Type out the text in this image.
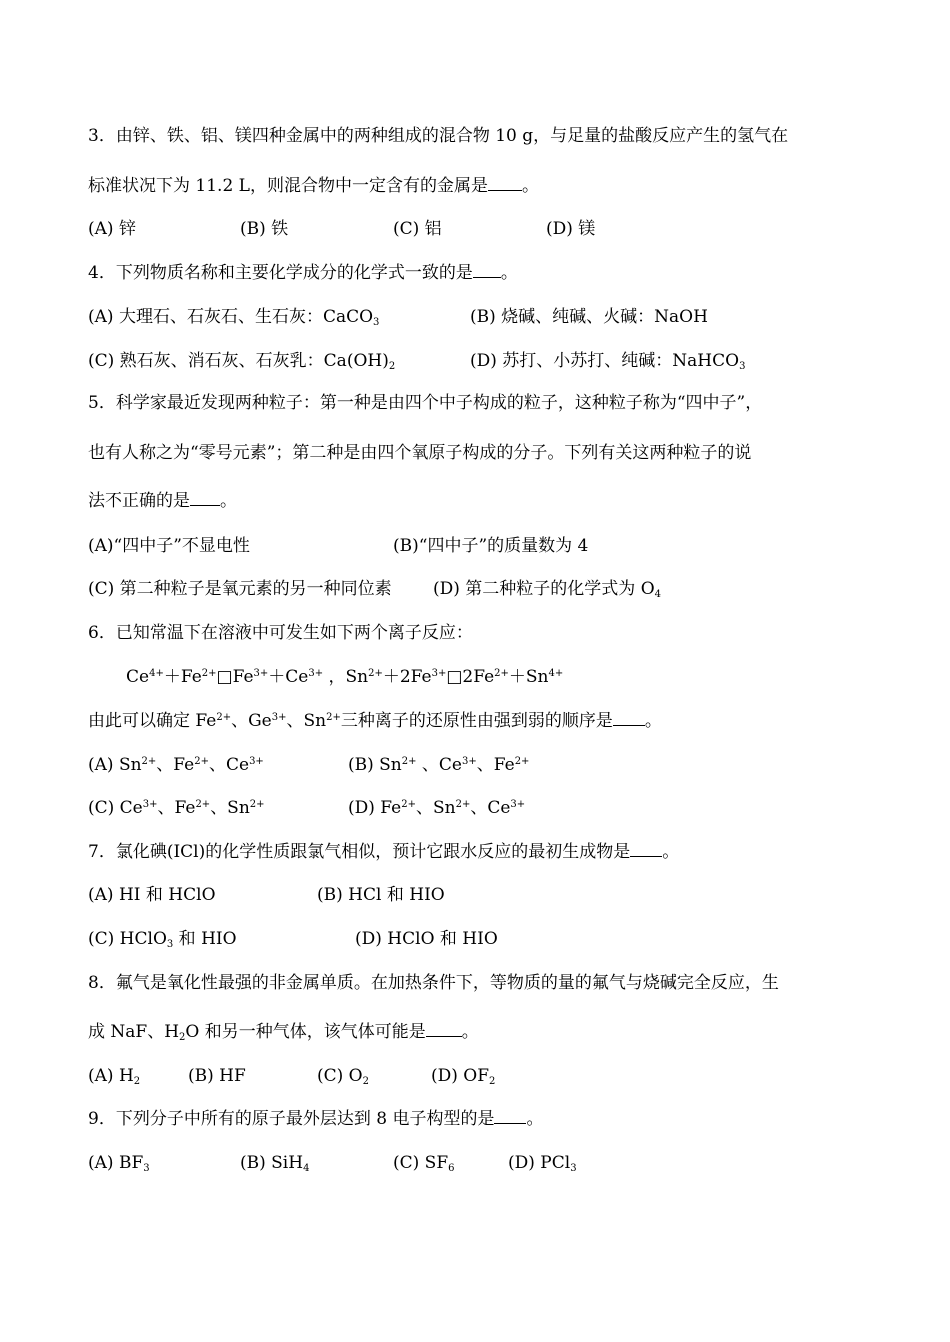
3．由锌、铁、铝、镁四种金属中的两种组成的混合物 10 g，与足量的盐酸反应产生的氢气在
标准状况下为 11.2 L，则混合物中一定含有的金属是 。
(A) 锌	(B) 铁	(C) 铝	(D) 镁
4．下列物质名称和主要化学成分的化学式一致的是 。
(A) 大理石、石灰石、生石灰：CaCO$_3$	(B) 烧碱、纯碱、火碱：NaOH
(C) 熟石灰、消石灰、石灰乳：$Ca(OH)_2$	(D) 苏打、小苏打、纯碱：NaHCO$_3$
5．科学家最近发现两种粒子：第一种是由四个中子构成的粒子，这种粒子称为“四中子”，
也有人称之为“零号元素”；第二种是由四个氧原子构成的分子。下列有关这两种粒子的说
法不正确的是 。
(A)“四中子”不显电性	(B)“四中子”的质量数为 4
(C) 第二种粒子是氧元素的另一种同位素 (D) 第二种粒子的化学式为 $O_4$
6．已知常温下在溶液中可发生如下两个离子反应：
$Ce^{4+}+Fe^{2+}□Fe^{3+}+Ce^{3+}$ ，$Sn^{2+}+2Fe^{3+}□2Fe^{2+}+Sn^{4+}$
由此可以确定 $Fe^{2+}$、$Ge^{3+}$、$Sn^{2+}$三种离子的还原性由强到弱的顺序是 。
(A) $Sn^{2+}$、$Fe^{2+}$、$Ce^{3+}$	(B) $Sn^{2+}$ 、$Ce^{3+}$、$Fe^{2+}$
(C) $Ce^{3+}$、$Fe^{2+}$、$Sn^{2+}$	(D) $Fe^{2+}$、$Sn^{2+}$、$Ce^{3+}$
7．氯化碘(ICl)的化学性质跟氯气相似，预计它跟水反应的最初生成物是 。
(A) HI 和 HClO	(B) HCl 和 HIO
(C) HClO$_3$ 和 HIO	(D) HClO 和 HIO
8．氟气是氧化性最强的非金属单质。在加热条件下，等物质的量的氟气与烧碱完全反应，生
成 NaF、$H_2O$ 和另一种气体，该气体可能是 。
(A) $H_2$	(B) HF	(C) $O_2$	(D) $OF_2$
9．下列分子中所有的原子最外层达到 8 电子构型的是 。
(A) $BF_3$	(B) SiH$_4$	(C) $SF_6$	(D) PCl$_3$
